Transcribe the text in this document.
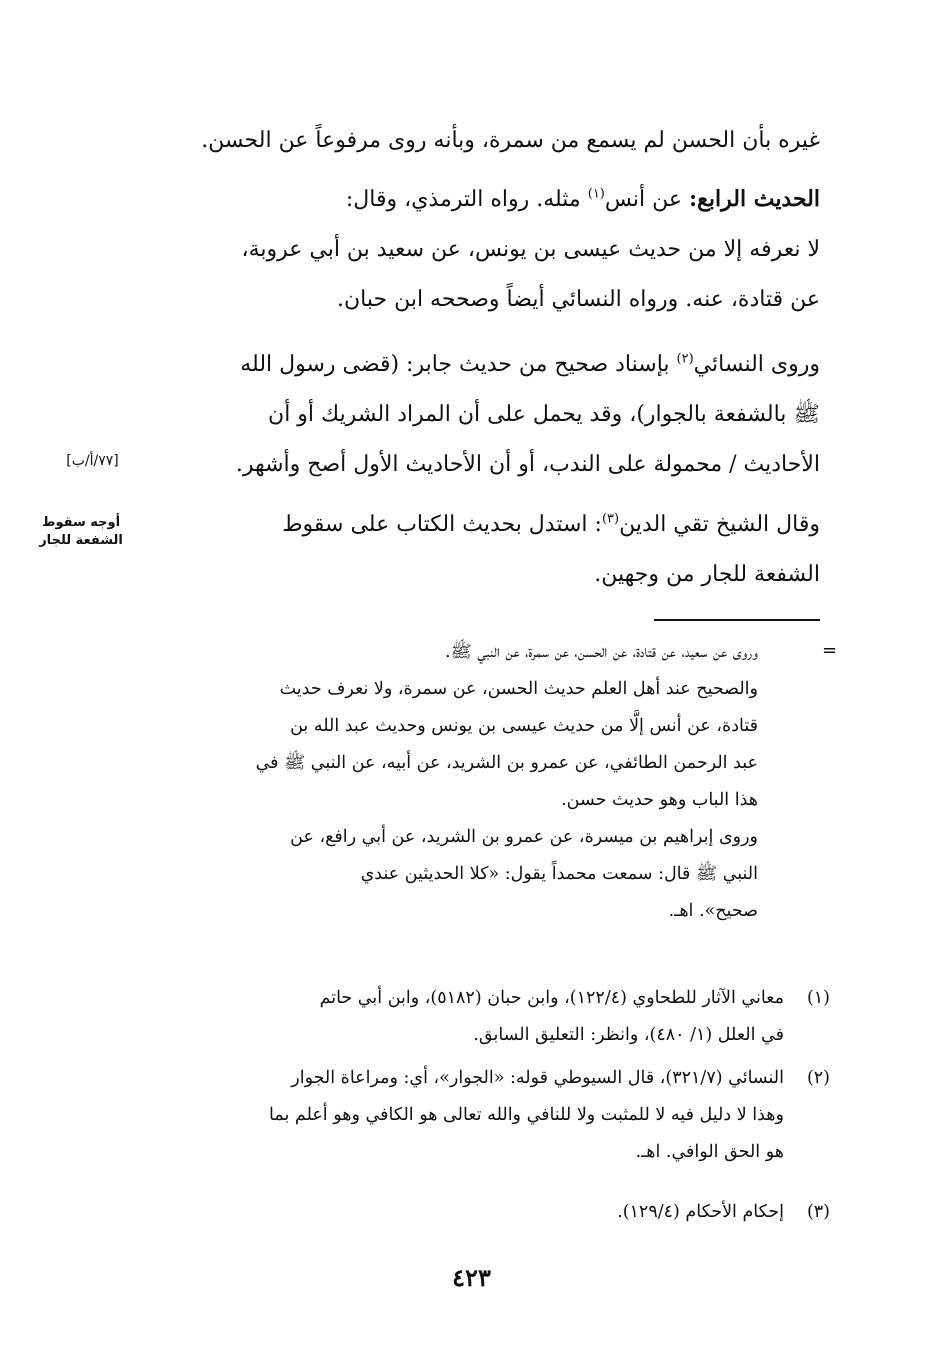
غيره بأن الحسن لم يسمع من سمرة، وبأنه روى مرفوعاً عن الحسن.
الحديث الرابع: عن أنس$^{(١)}$ مثله. رواه الترمذي، وقال:
لا نعرفه إلا من حديث عيسى بن يونس، عن سعيد بن أبي عروبة،
عن قتادة، عنه. ورواه النسائي أيضاً وصححه ابن حبان.
وروى النسائي$^{(٢)}$ بإسناد صحيح من حديث جابر: (قضى رسول الله
ﷺ بالشفعة بالجوار)، وقد يحمل على أن المراد الشريك أو أن
الأحاديث / محمولة على الندب، أو أن الأحاديث الأول أصح وأشهر.
وقال الشيخ تقي الدين$^{(٣)}$: استدل بحديث الكتاب على سقوط
الشفعة للجار من وجهين.
[٧٧/أ/ب]
أوجه سقوط
الشفعة للجار
=
وروى عن سعيد، عن قتادة، عن الحسن، عن سمرة، عن النبي ﷺ.
والصحيح عند أهل العلم حديث الحسن، عن سمرة، ولا نعرف حديث
قتادة، عن أنس إلَّا من حديث عيسى بن يونس وحديث عبد الله بن
عبد الرحمن الطائفي، عن عمرو بن الشريد، عن أبيه، عن النبي ﷺ في
هذا الباب وهو حديث حسن.
وروى إبراهيم بن ميسرة، عن عمرو بن الشريد، عن أبي رافع، عن
النبي ﷺ قال: سمعت محمداً يقول: «كلا الحديثين عندي
صحيح». اهـ.
(١)
معاني الآثار للطحاوي (١٢٢/٤)، وابن حبان (٥١٨٢)، وابن أبي حاتم
في العلل (١/ ٤٨٠)، وانظر: التعليق السابق.
(٢)
النسائي (٣٢١/٧)، قال السيوطي قوله: «الجوار»، أي: ومراعاة الجوار
وهذا لا دليل فيه لا للمثبت ولا للنافي والله تعالى هو الكافي وهو أعلم بما
هو الحق الوافي. اهـ.
(٣)
إحكام الأحكام (١٢٩/٤).
٤٢٣
